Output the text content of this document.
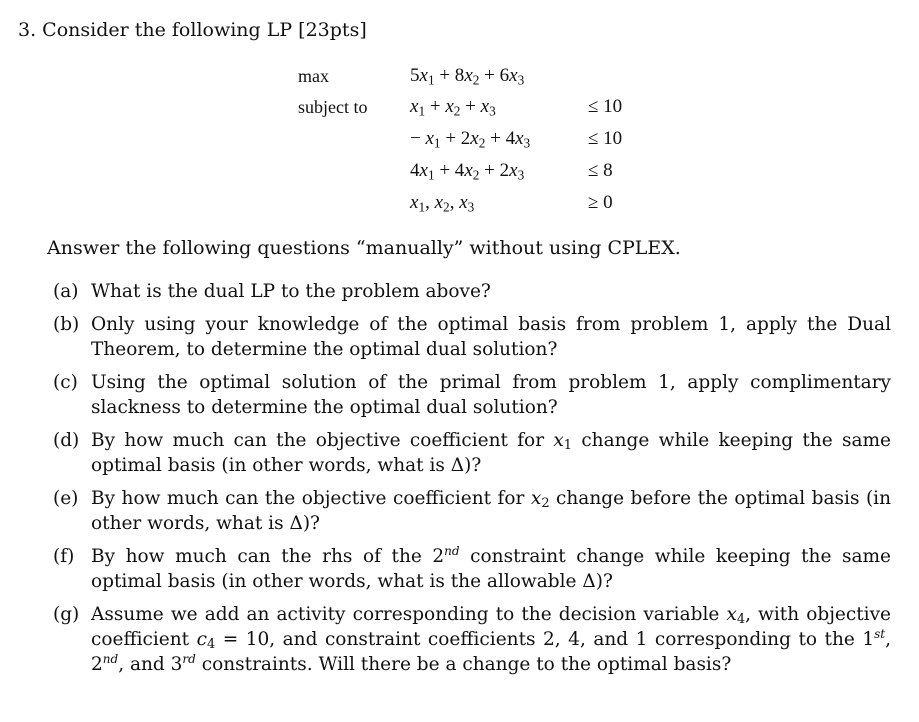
3. Consider the following LP [23pts]
max
subject to
$5x_1 + 8x_2 + 6x_3$
$x_1 + x_2 + x_3$
− $x_1 + 2x_2 + 4x_3$
$4x_1 + 4x_2 + 2x_3$
$x_1$, $x_2$, $x_3$
≤ 10
≤ 10
≤ 8
≥ 0
Answer the following questions “manually” without using CPLEX.
(a) What is the dual LP to the problem above?
(b) Only using your knowledge of the optimal basis from problem 1, apply the Dual Theorem, to determine the optimal dual solution?
(c) Using the optimal solution of the primal from problem 1, apply complimentary slackness to determine the optimal dual solution?
(d) By how much can the objective coefficient for $x_1$ change while keeping the same optimal basis (in other words, what is Δ)?
(e) By how much can the objective coefficient for $x_2$ change before the optimal basis (in other words, what is Δ)?
(f) By how much can the rhs of the 2nd constraint change while keeping the same optimal basis (in other words, what is the allowable Δ)?
(g) Assume we add an activity corresponding to the decision variable $x_4$, with objective coefficient $c_4 = 10$, and constraint coefficients 2, 4, and 1 corresponding to the 1st, 2nd, and 3rd constraints. Will there be a change to the optimal basis?
